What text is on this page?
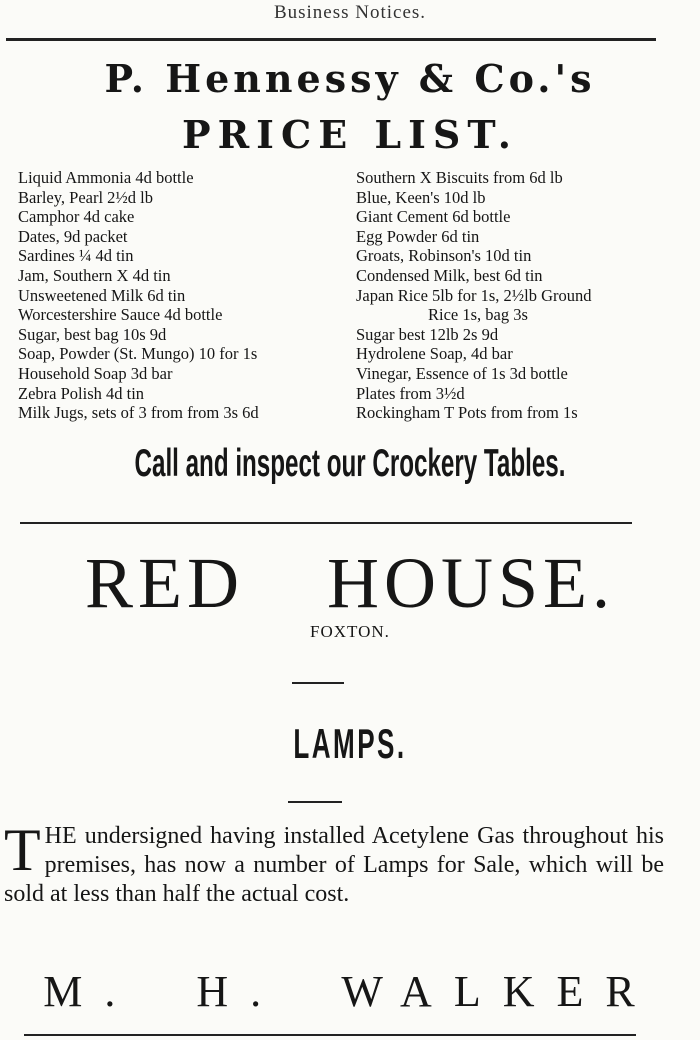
Business Notices.
P. Hennessy & Co.'s
PRICE LIST.
Liquid Ammonia 4d bottle
Barley, Pearl 2½d lb
Camphor 4d cake
Dates, 9d packet
Sardines ¼ 4d tin
Jam, Southern X 4d tin
Unsweetened Milk 6d tin
Worcestershire Sauce 4d bottle
Sugar, best bag 10s 9d
Soap, Powder (St. Mungo) 10 for 1s
Household Soap 3d bar
Zebra Polish 4d tin
Milk Jugs, sets of 3 from from 3s 6d
Southern X Biscuits from 6d lb
Blue, Keen's 10d lb
Giant Cement 6d bottle
Egg Powder 6d tin
Groats, Robinson's 10d tin
Condensed Milk, best 6d tin
Japan Rice 5lb for 1s, 2½lb Ground
Rice 1s, bag 3s
Sugar best 12lb 2s 9d
Hydrolene Soap, 4d bar
Vinegar, Essence of 1s 3d bottle
Plates from 3½d
Rockingham T Pots from from 1s
Call and inspect our Crockery Tables.
RED HOUSE.
FOXTON.
LAMPS.

THE undersigned having installed Acetylene Gas throughout his premises, has now a number of Lamps for Sale, which will be sold at less than half the actual cost.

M. H. WALKER
